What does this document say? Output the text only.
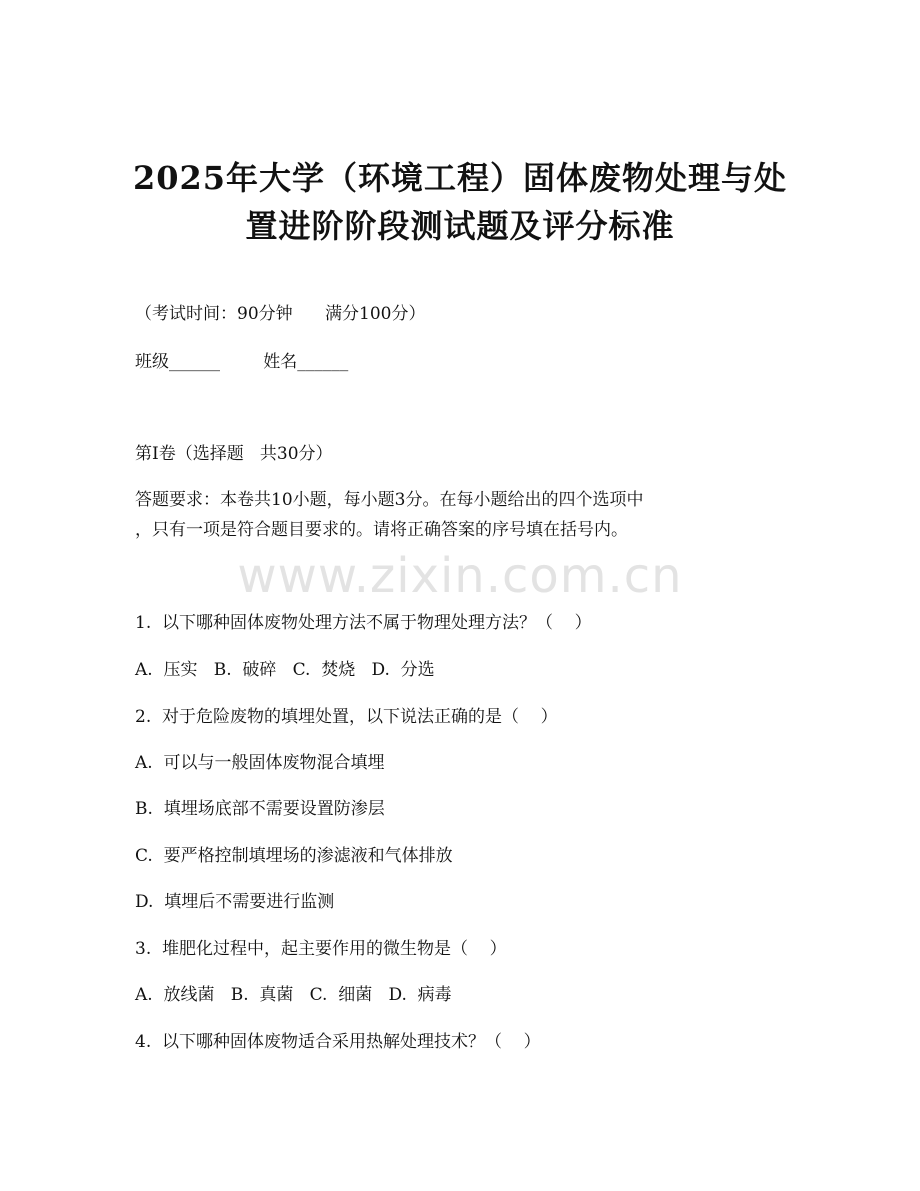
2025年大学（环境工程）固体废物处理与处
置进阶阶段测试题及评分标准

（考试时间：90分钟      满分100分）

班级______        姓名______

第I卷（选择题   共30分）

答题要求：本卷共10小题，每小题3分。在每小题给出的四个选项中

，只有一项是符合题目要求的。请将正确答案的序号填在括号内。

www.zixin.com.cn

1.  以下哪种固体废物处理方法不属于物理处理方法？（    ）

A.  压实   B.  破碎   C.  焚烧   D.  分选

2.  对于危险废物的填埋处置，以下说法正确的是（    ）

A.  可以与一般固体废物混合填埋

B.  填埋场底部不需要设置防渗层

C.  要严格控制填埋场的渗滤液和气体排放

D.  填埋后不需要进行监测

3.  堆肥化过程中，起主要作用的微生物是（    ）

A.  放线菌   B.  真菌   C.  细菌   D.  病毒

4.  以下哪种固体废物适合采用热解处理技术？（    ）
